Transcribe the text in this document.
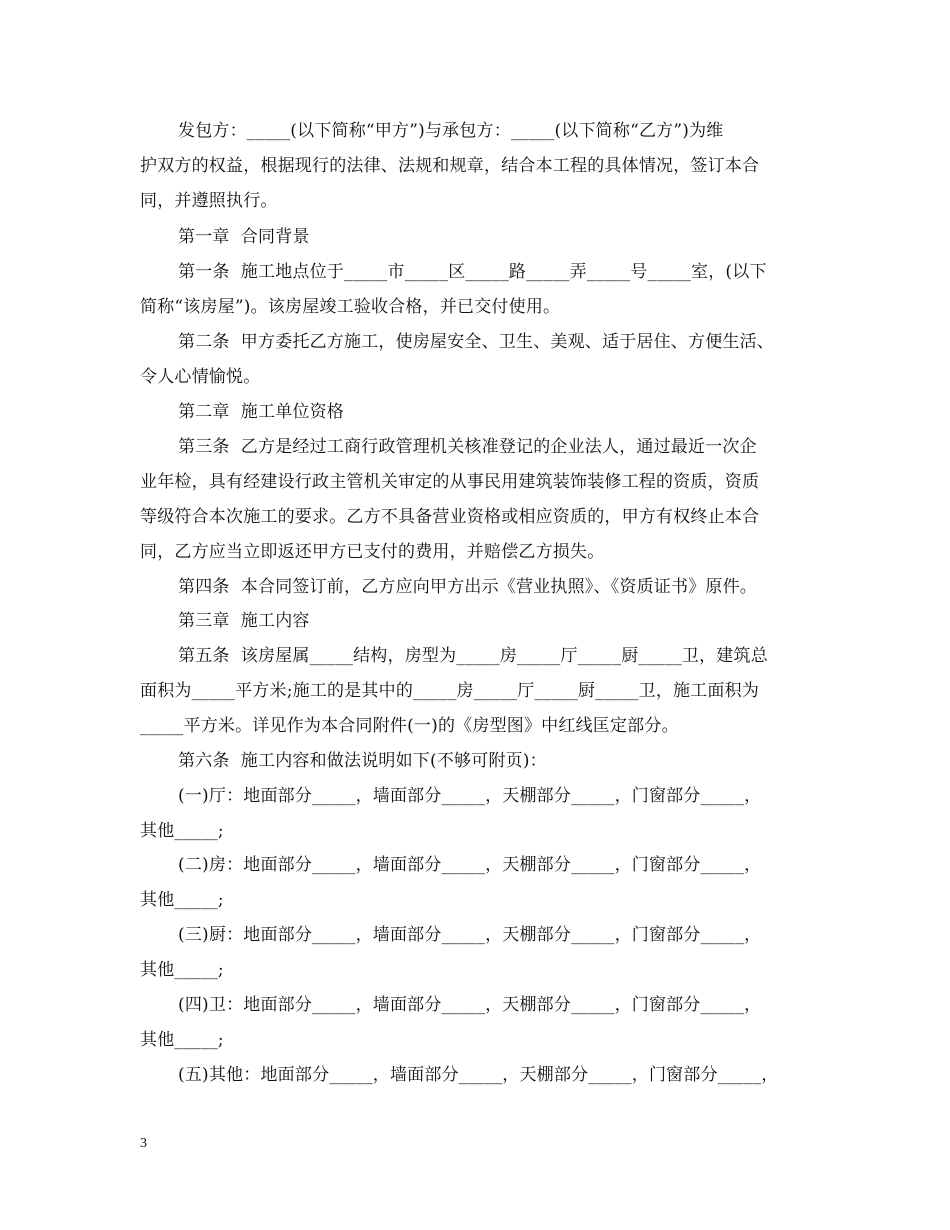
发包方：_____(以下简称“甲方”)与承包方：_____(以下简称“乙方”)为维
护双方的权益，根据现行的法律、法规和规章，结合本工程的具体情况，签订本合
同，并遵照执行。
第一章  合同背景
第一条  施工地点位于_____市_____区_____路_____弄_____号_____室，(以下
简称“该房屋”)。该房屋竣工验收合格，并已交付使用。
第二条  甲方委托乙方施工，使房屋安全、卫生、美观、适于居住、方便生活、
令人心情愉悦。
第二章  施工单位资格
第三条  乙方是经过工商行政管理机关核准登记的企业法人，通过最近一次企
业年检，具有经建设行政主管机关审定的从事民用建筑装饰装修工程的资质，资质
等级符合本次施工的要求。乙方不具备营业资格或相应资质的，甲方有权终止本合
同，乙方应当立即返还甲方已支付的费用，并赔偿乙方损失。
第四条  本合同签订前，乙方应向甲方出示《营业执照》、《资质证书》原件。
第三章  施工内容
第五条  该房屋属_____结构，房型为_____房_____厅_____厨_____卫，建筑总
面积为_____平方米;施工的是其中的_____房_____厅_____厨_____卫，施工面积为
_____平方米。详见作为本合同附件(一)的《房型图》中红线匡定部分。
第六条  施工内容和做法说明如下(不够可附页)：
(一)厅：地面部分_____，墙面部分_____，天棚部分_____，门窗部分_____，
其他_____;
(二)房：地面部分_____，墙面部分_____，天棚部分_____，门窗部分_____，
其他_____;
(三)厨：地面部分_____，墙面部分_____，天棚部分_____，门窗部分_____，
其他_____;
(四)卫：地面部分_____，墙面部分_____，天棚部分_____，门窗部分_____，
其他_____;
(五)其他：地面部分_____，墙面部分_____，天棚部分_____，门窗部分_____，
3
